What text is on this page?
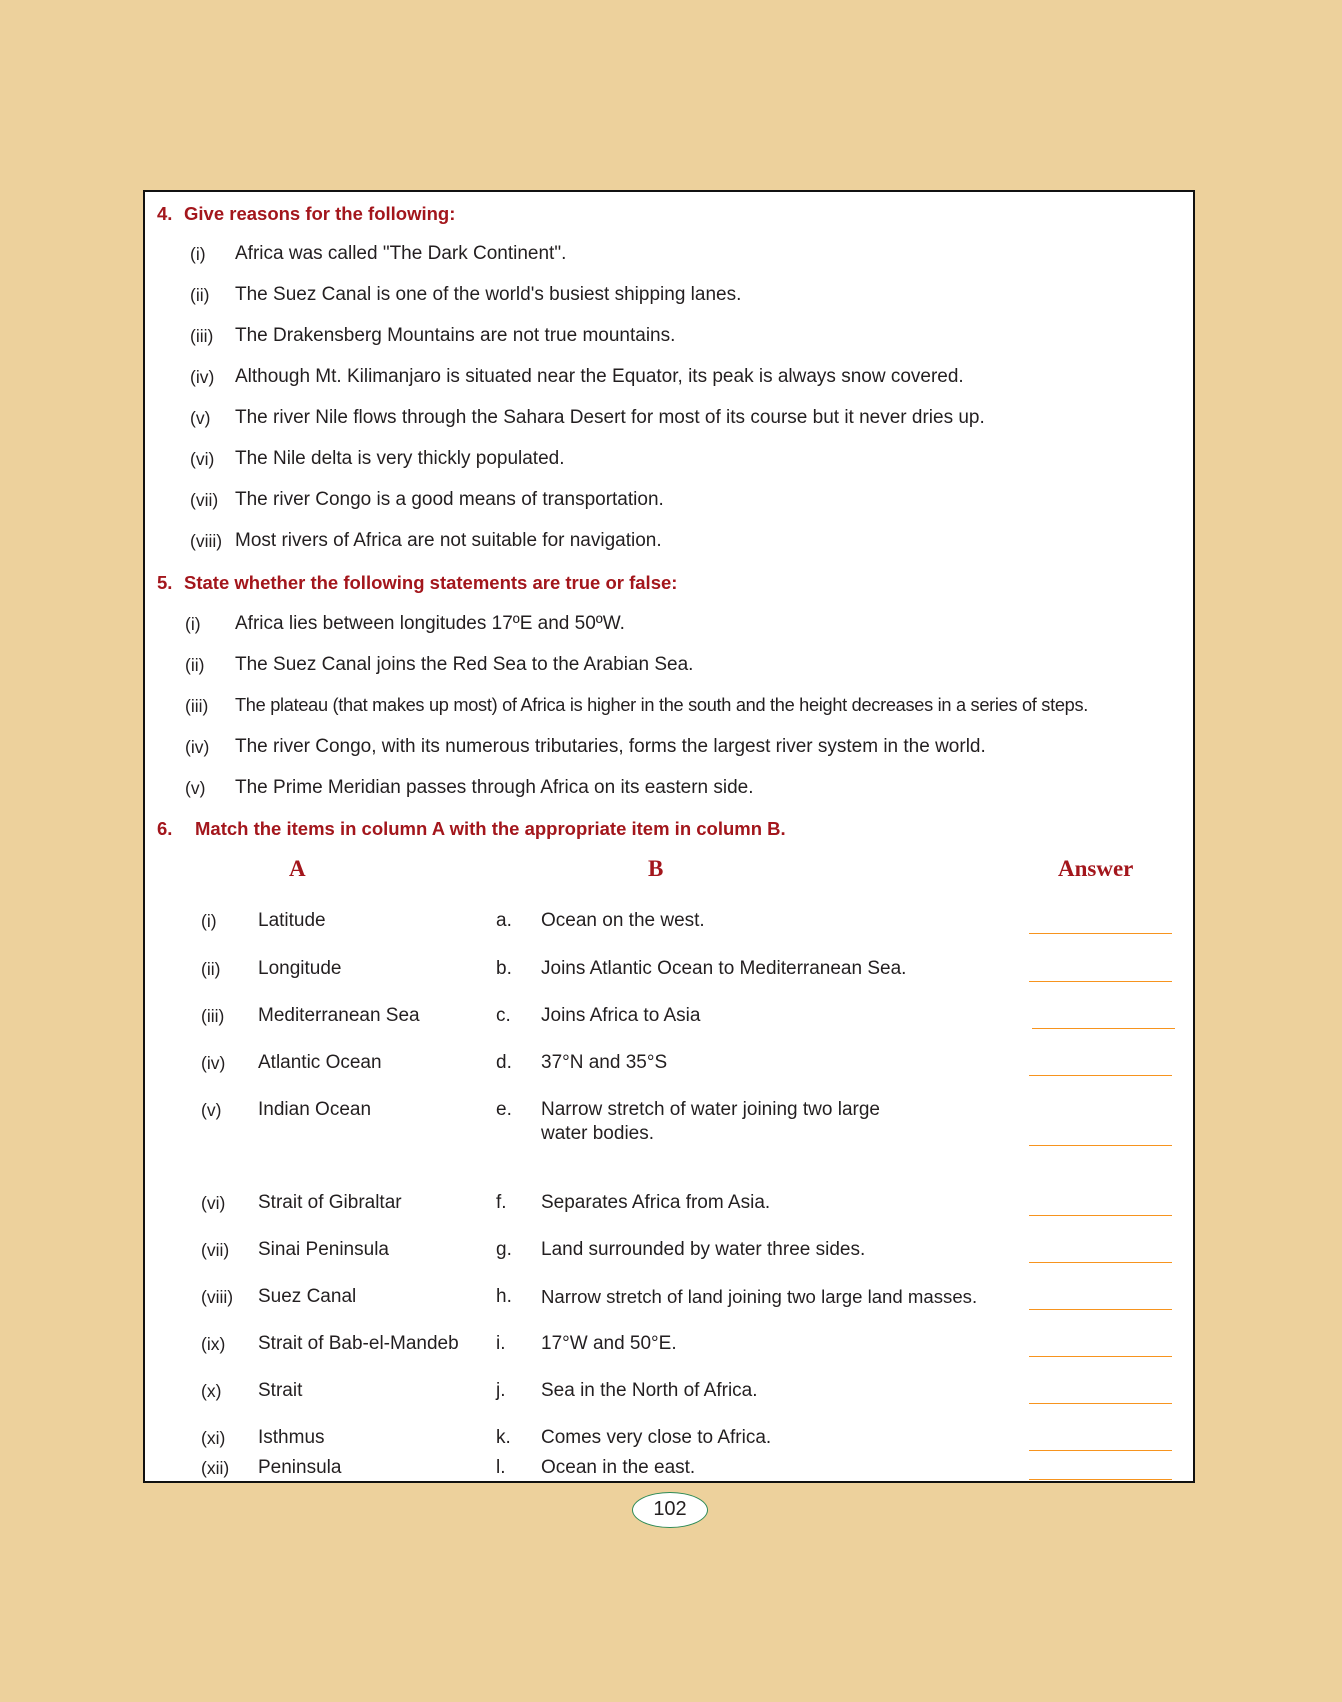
4. Give reasons for the following:
(i) Africa was called "The Dark Continent".
(ii) The Suez Canal is one of the world's busiest shipping lanes.
(iii) The Drakensberg Mountains are not true mountains.
(iv) Although Mt. Kilimanjaro is situated near the Equator, its peak is always snow covered.
(v) The river Nile flows through the Sahara Desert for most of its course but it never dries up.
(vi) The Nile delta is very thickly populated.
(vii) The river Congo is a good means of transportation.
(viii) Most rivers of Africa are not suitable for navigation.
5. State whether the following statements are true or false:
(i) Africa lies between longitudes 17ºE and 50ºW.
(ii) The Suez Canal joins the Red Sea to the Arabian Sea.
(iii) The plateau (that makes up most) of Africa is higher in the south and the height decreases in a series of steps.
(iv) The river Congo, with its numerous tributaries, forms the largest river system in the world.
(v) The Prime Meridian passes through Africa on its eastern side.
6. Match the items in column A with the appropriate item in column B.
A	B	Answer
(i) Latitude	a. Ocean on the west.
(ii) Longitude	b. Joins Atlantic Ocean to Mediterranean Sea.
(iii) Mediterranean Sea	c. Joins Africa to Asia
(iv) Atlantic Ocean	d. 37°N and 35°S
(v) Indian Ocean	e. Narrow stretch of water joining two large
water bodies.
(vi) Strait of Gibraltar	f. Separates Africa from Asia.
(vii) Sinai Peninsula	g. Land surrounded by water three sides.
(viii) Suez Canal	h. Narrow stretch of land joining two large land masses.
(ix) Strait of Bab-el-Mandeb i. 17°W and 50°E.
(x) Strait	j. Sea in the North of Africa.
(xi) Isthmus	k. Comes very close to Africa.
(xii) Peninsula	l. Ocean in the east.
102
